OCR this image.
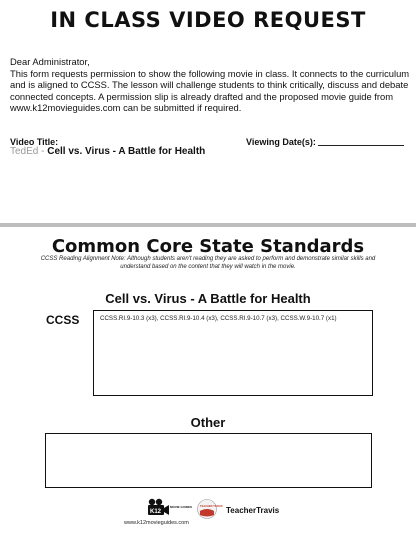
IN CLASS VIDEO REQUEST
Dear Administrator,
This form requests permission to show the following movie in class. It connects to the curriculum and is aligned to CCSS. The lesson will challenge students to think critically, discuss and debate connected concepts. A permission slip is already drafted and the proposed movie guide from www.k12movieguides.com can be submitted if required.
Video Title:
TedEd - Cell vs. Virus - A Battle for Health
Viewing Date(s):
Common Core State Standards
CCSS Reading Alignment Note: Although students aren't reading they are asked to perform and demonstrate similar skills and understand based on the content that they will watch in the movie.
Cell vs. Virus - A Battle for Health
CCSS	CCSS.RI.9-10.3 (x3), CCSS.RI.9-10.4 (x3), CCSS.RI.9-10.7 (x3), CCSS.W.9-10.7 (x1)
Other
K12
MOVIE GUIDES
www.k12movieguides.com
TEACHER TRAVIS TeacherTravis
